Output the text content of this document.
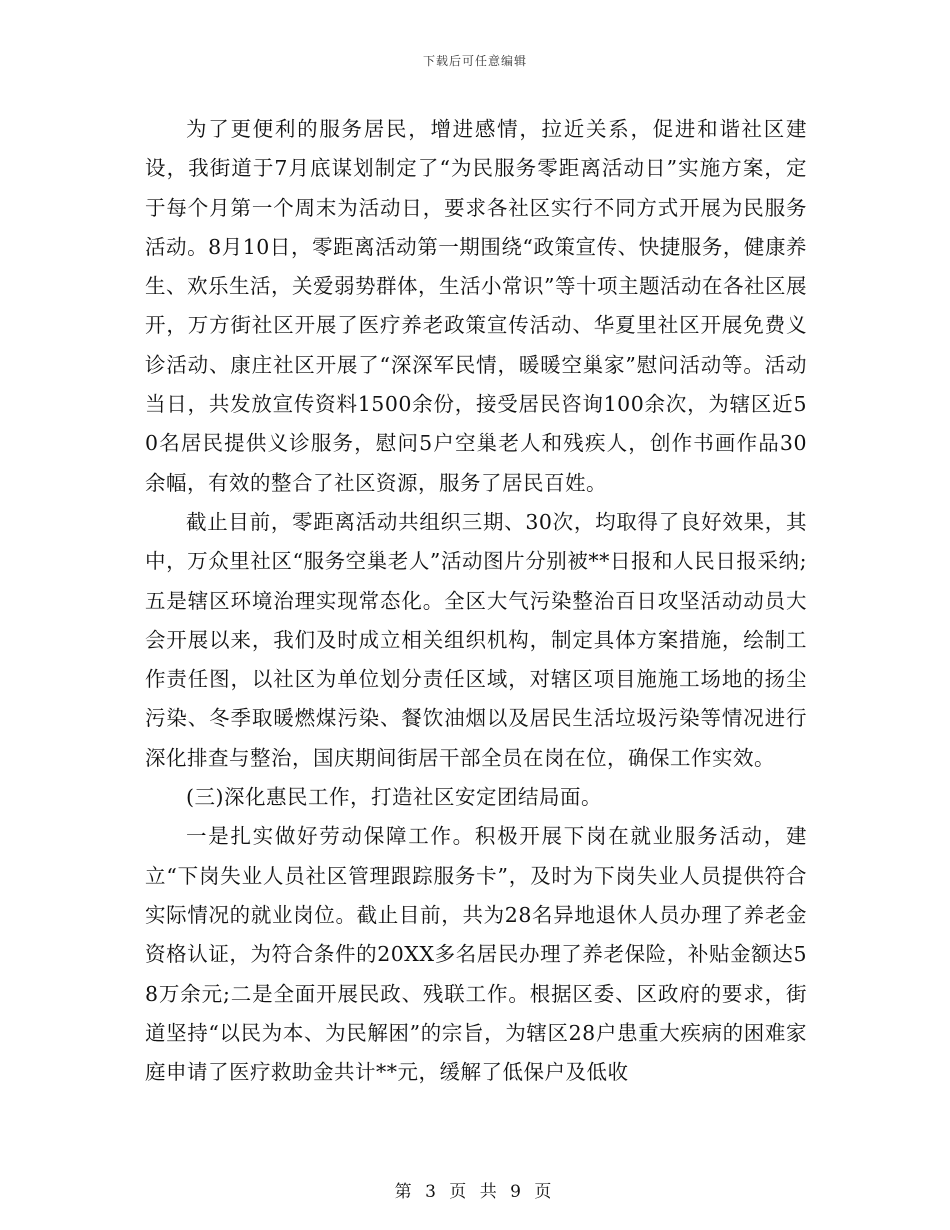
下载后可任意编辑

为了更便利的服务居民，增进感情，拉近关系，促进和谐社区建设，我街道于7月底谋划制定了“为民服务零距离活动日”实施方案，定于每个月第一个周末为活动日，要求各社区实行不同方式开展为民服务活动。8月10日，零距离活动第一期围绕“政策宣传、快捷服务，健康养生、欢乐生活，关爱弱势群体，生活小常识”等十项主题活动在各社区展开，万方街社区开展了医疗养老政策宣传活动、华夏里社区开展免费义诊活动、康庄社区开展了“深深军民情，暖暖空巢家”慰问活动等。活动当日，共发放宣传资料1500余份，接受居民咨询100余次，为辖区近50名居民提供义诊服务，慰问5户空巢老人和残疾人，创作书画作品30余幅，有效的整合了社区资源，服务了居民百姓。

截止目前，零距离活动共组织三期、30次，均取得了良好效果，其中，万众里社区“服务空巢老人”活动图片分别被**日报和人民日报采纳;五是辖区环境治理实现常态化。全区大气污染整治百日攻坚活动动员大会开展以来，我们及时成立相关组织机构，制定具体方案措施，绘制工作责任图，以社区为单位划分责任区域，对辖区项目施施工场地的扬尘污染、冬季取暖燃煤污染、餐饮油烟以及居民生活垃圾污染等情况进行深化排查与整治，国庆期间街居干部全员在岗在位，确保工作实效。

(三)深化惠民工作，打造社区安定团结局面。

一是扎实做好劳动保障工作。积极开展下岗在就业服务活动，建立“下岗失业人员社区管理跟踪服务卡”，及时为下岗失业人员提供符合实际情况的就业岗位。截止目前，共为28名异地退休人员办理了养老金资格认证，为符合条件的20XX多名居民办理了养老保险，补贴金额达58万余元;二是全面开展民政、残联工作。根据区委、区政府的要求，街道坚持“以民为本、为民解困”的宗旨，为辖区28户患重大疾病的困难家庭申请了医疗救助金共计**元，缓解了低保户及低收

第 3 页 共 9 页
